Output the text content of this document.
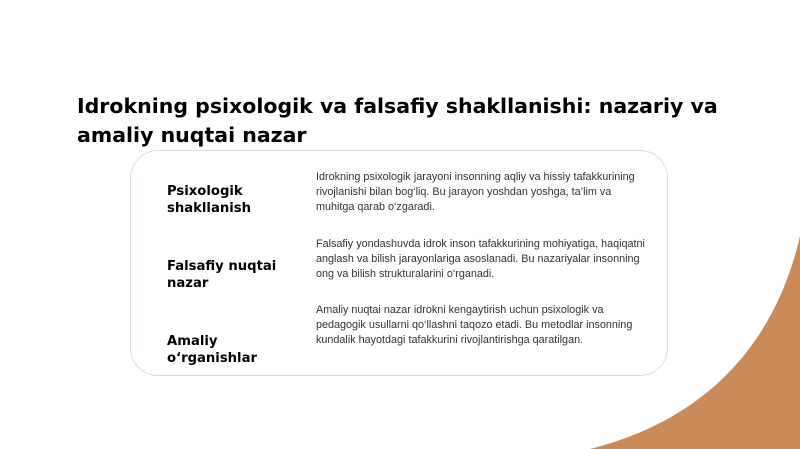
Idrokning psixologik va falsafiy shakllanishi: nazariy va amaliy nuqtai nazar
Psixologik shakllanish

Idrokning psixologik jarayoni insonning aqliy va hissiy tafakkurining rivojlanishi bilan bog‘liq. Bu jarayon yoshdan yoshga, ta’lim va muhitga qarab o‘zgaradi.

Falsafiy nuqtai nazar

Falsafiy yondashuvda idrok inson tafakkurining mohiyatiga, haqiqatni anglash va bilish jarayonlariga asoslanadi. Bu nazariyalar insonning ong va bilish strukturalarini o‘rganadi.

Amaliy o‘rganishlar

Amaliy nuqtai nazar idrokni kengaytirish uchun psixologik va pedagogik usullarni qo‘llashni taqozo etadi. Bu metodlar insonning kundalik hayotdagi tafakkurini rivojlantirishga qaratilgan.
